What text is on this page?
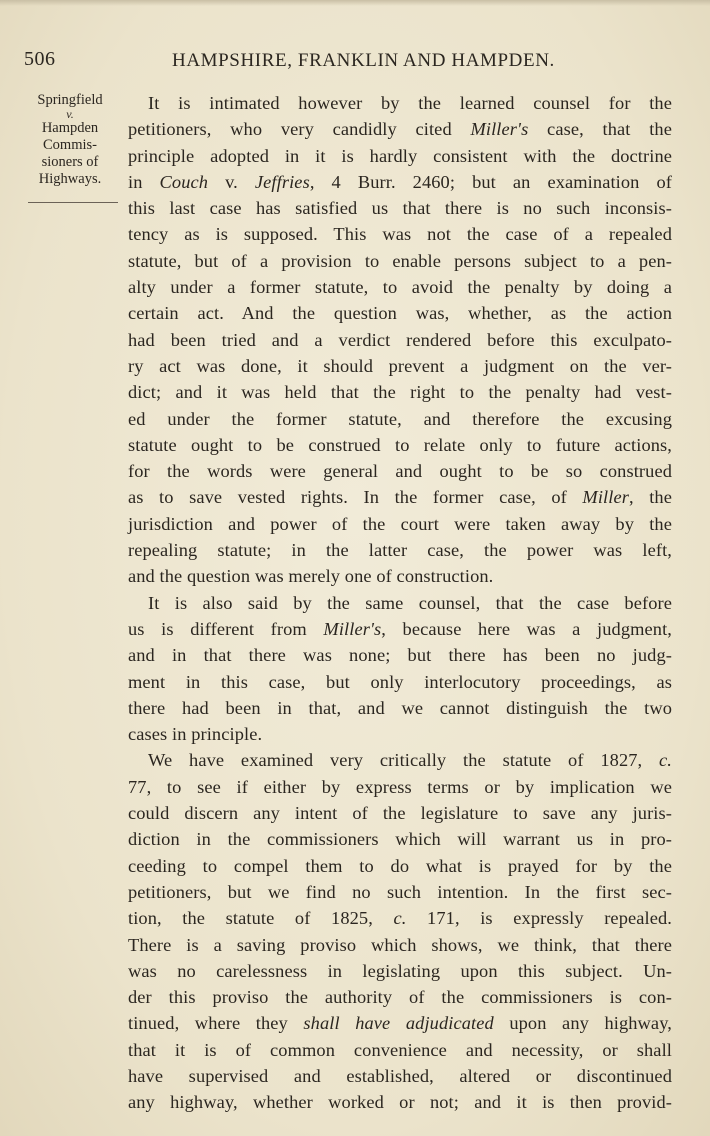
506	HAMPSHIRE, FRANKLIN AND HAMPDEN.
Springfield
v.
Hampden
Commis-
sioners of
Highways.
It is intimated however by the learned counsel for the
petitioners, who very candidly cited Miller's case, that the
principle adopted in it is hardly consistent with the doctrine
in Couch v. Jeffries, 4 Burr. 2460; but an examination of
this last case has satisfied us that there is no such inconsis-
tency as is supposed. This was not the case of a repealed
statute, but of a provision to enable persons subject to a pen-
alty under a former statute, to avoid the penalty by doing a
certain act. And the question was, whether, as the action
had been tried and a verdict rendered before this exculpato-
ry act was done, it should prevent a judgment on the ver-
dict; and it was held that the right to the penalty had vest-
ed under the former statute, and therefore the excusing
statute ought to be construed to relate only to future actions,
for the words were general and ought to be so construed
as to save vested rights. In the former case, of Miller, the
jurisdiction and power of the court were taken away by the
repealing statute; in the latter case, the power was left,
and the question was merely one of construction.
It is also said by the same counsel, that the case before
us is different from Miller's, because here was a judgment,
and in that there was none; but there has been no judg-
ment in this case, but only interlocutory proceedings, as
there had been in that, and we cannot distinguish the two
cases in principle.
We have examined very critically the statute of 1827, c.
77, to see if either by express terms or by implication we
could discern any intent of the legislature to save any juris-
diction in the commissioners which will warrant us in pro-
ceeding to compel them to do what is prayed for by the
petitioners, but we find no such intention. In the first sec-
tion, the statute of 1825, c. 171, is expressly repealed.
There is a saving proviso which shows, we think, that there
was no carelessness in legislating upon this subject. Un-
der this proviso the authority of the commissioners is con-
tinued, where they shall have adjudicated upon any highway,
that it is of common convenience and necessity, or shall
have supervised and established, altered or discontinued
any highway, whether worked or not; and it is then provid-
